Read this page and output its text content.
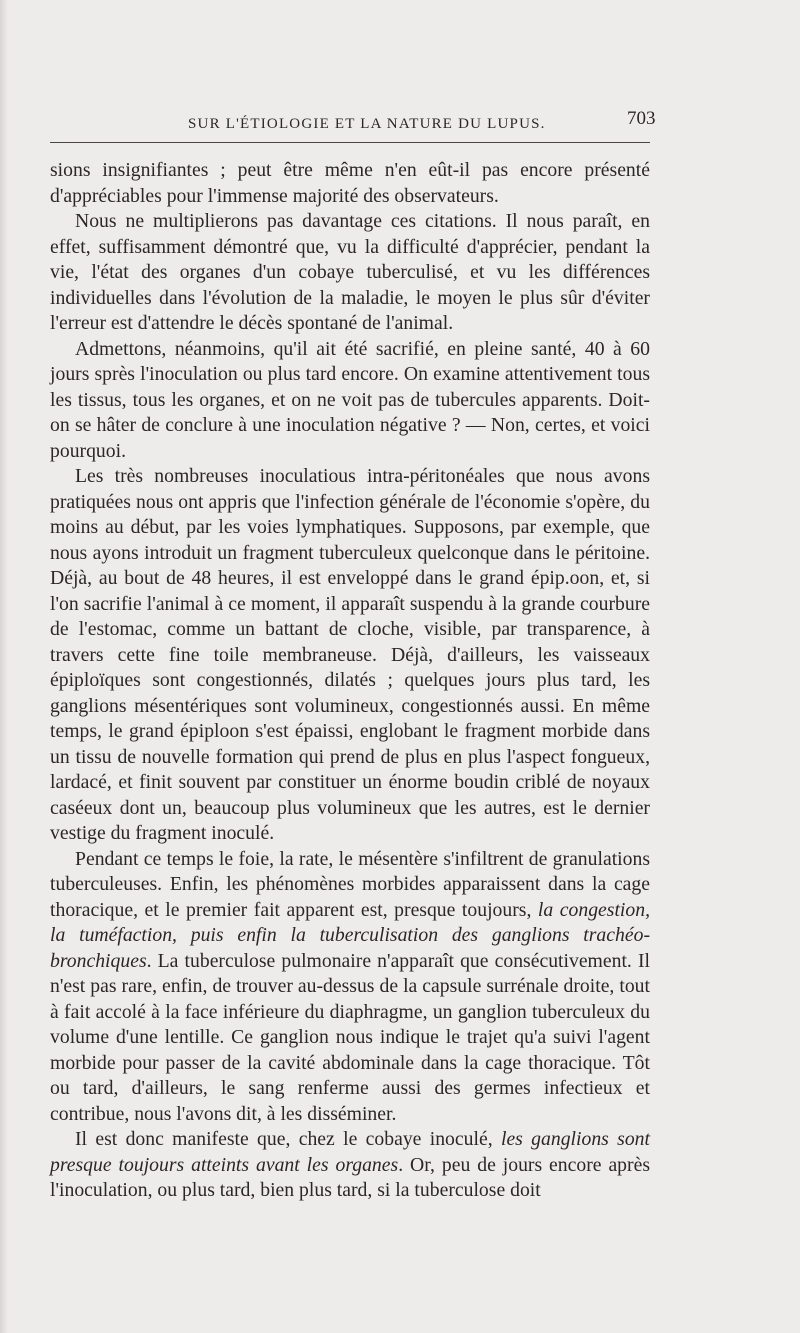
SUR L'ÉTIOLOGIE ET LA NATURE DU LUPUS.	703

sions insignifiantes ; peut être même n'en eût-il pas encore présenté d'appréciables pour l'immense majorité des observateurs.

Nous ne multiplierons pas davantage ces citations. Il nous paraît, en effet, suffisamment démontré que, vu la difficulté d'apprécier, pendant la vie, l'état des organes d'un cobaye tuberculisé, et vu les différences individuelles dans l'évolution de la maladie, le moyen le plus sûr d'éviter l'erreur est d'attendre le décès spontané de l'animal.

Admettons, néanmoins, qu'il ait été sacrifié, en pleine santé, 40 à 60 jours sprès l'inoculation ou plus tard encore. On examine attentivement tous les tissus, tous les organes, et on ne voit pas de tubercules apparents. Doit-on se hâter de conclure à une inoculation négative ? — Non, certes, et voici pourquoi.

Les très nombreuses inoculatious intra-péritonéales que nous avons pratiquées nous ont appris que l'infection générale de l'économie s'opère, du moins au début, par les voies lymphatiques. Supposons, par exemple, que nous ayons introduit un fragment tuberculeux quelconque dans le péritoine. Déjà, au bout de 48 heures, il est enveloppé dans le grand épip.oon, et, si l'on sacrifie l'animal à ce moment, il apparaît suspendu à la grande courbure de l'estomac, comme un battant de cloche, visible, par transparence, à travers cette fine toile membraneuse. Déjà, d'ailleurs, les vaisseaux épiploïques sont congestionnés, dilatés ; quelques jours plus tard, les ganglions mésentériques sont volumineux, congestionnés aussi. En même temps, le grand épiploon s'est épaissi, englobant le fragment morbide dans un tissu de nouvelle formation qui prend de plus en plus l'aspect fongueux, lardacé, et finit souvent par constituer un énorme boudin criblé de noyaux caséeux dont un, beaucoup plus volumineux que les autres, est le dernier vestige du fragment inoculé.

Pendant ce temps le foie, la rate, le mésentère s'infiltrent de granulations tuberculeuses. Enfin, les phénomènes morbides apparaissent dans la cage thoracique, et le premier fait apparent est, presque toujours, la congestion, la tuméfaction, puis enfin la tuberculisation des ganglions trachéo-bronchiques. La tuberculose pulmonaire n'apparaît que consécutivement. Il n'est pas rare, enfin, de trouver au-dessus de la capsule surrénale droite, tout à fait accolé à la face inférieure du diaphragme, un ganglion tuberculeux du volume d'une lentille. Ce ganglion nous indique le trajet qu'a suivi l'agent morbide pour passer de la cavité abdominale dans la cage thoracique. Tôt ou tard, d'ailleurs, le sang renferme aussi des germes infectieux et contribue, nous l'avons dit, à les disséminer.

Il est donc manifeste que, chez le cobaye inoculé, les ganglions sont presque toujours atteints avant les organes. Or, peu de jours encore après l'inoculation, ou plus tard, bien plus tard, si la tuberculose doit
